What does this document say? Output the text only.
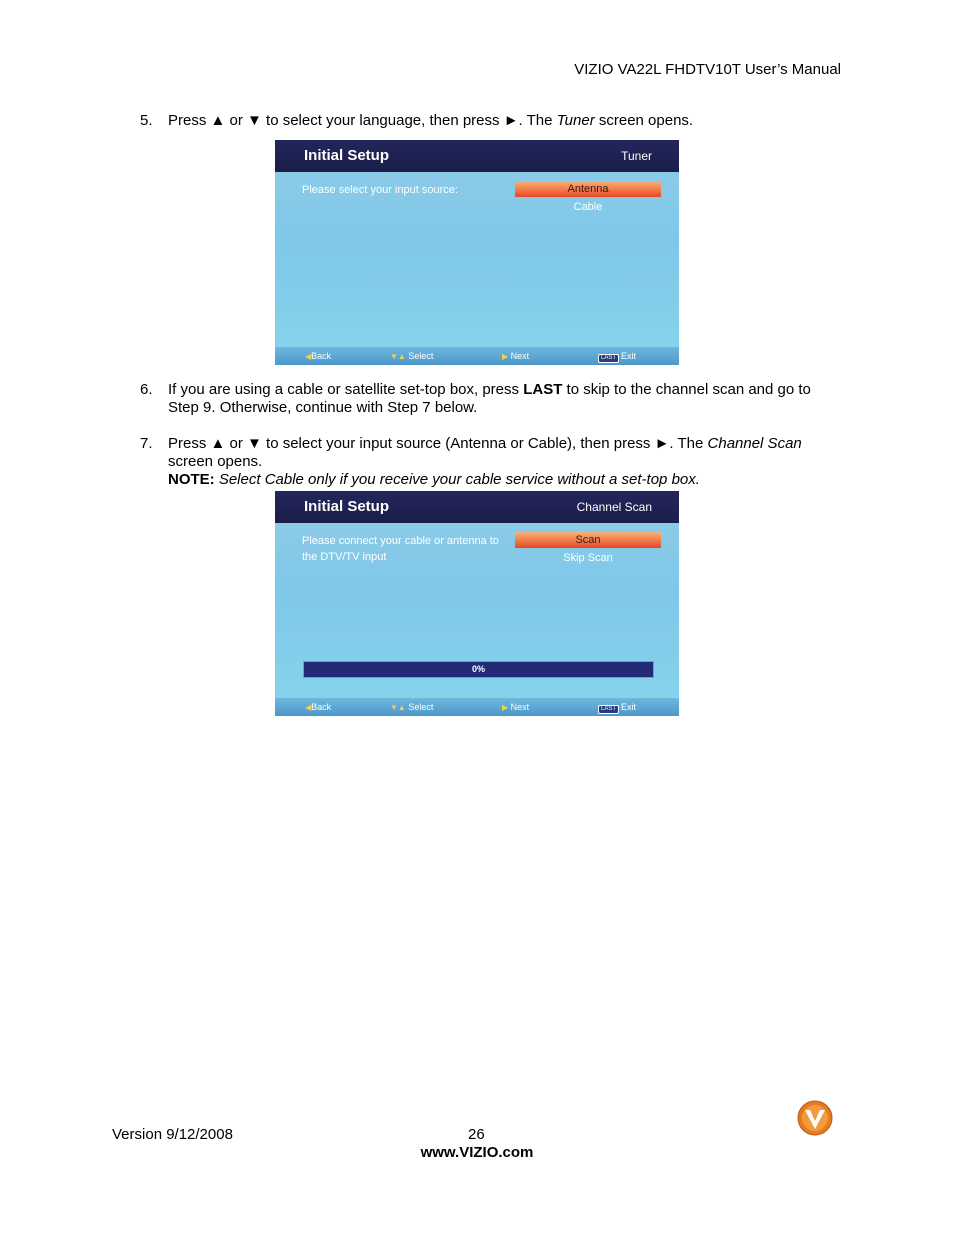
VIZIO VA22L FHDTV10T User’s Manual
5. Press ▲ or ▼ to select your language, then press ►. The Tuner screen opens.
Initial Setup	Tuner
Please select your input source:	Antenna
Cable
◀Back	▼▲ Select	▶ Next	LAST Exit
6. If you are using a cable or satellite set-top box, press LAST to skip to the channel scan and go to Step 9. Otherwise, continue with Step 7 below.
7. Press ▲ or ▼ to select your input source (Antenna or Cable), then press ►. The Channel Scan screen opens.
NOTE: Select Cable only if you receive your cable service without a set-top box.
Initial Setup	Channel Scan
Please connect your cable or antenna to the DTV/TV input
Scan
Skip Scan
0%
◀Back	▼▲ Select	▶ Next	LAST Exit
Version 9/12/2008	26
www.VIZIO.com
